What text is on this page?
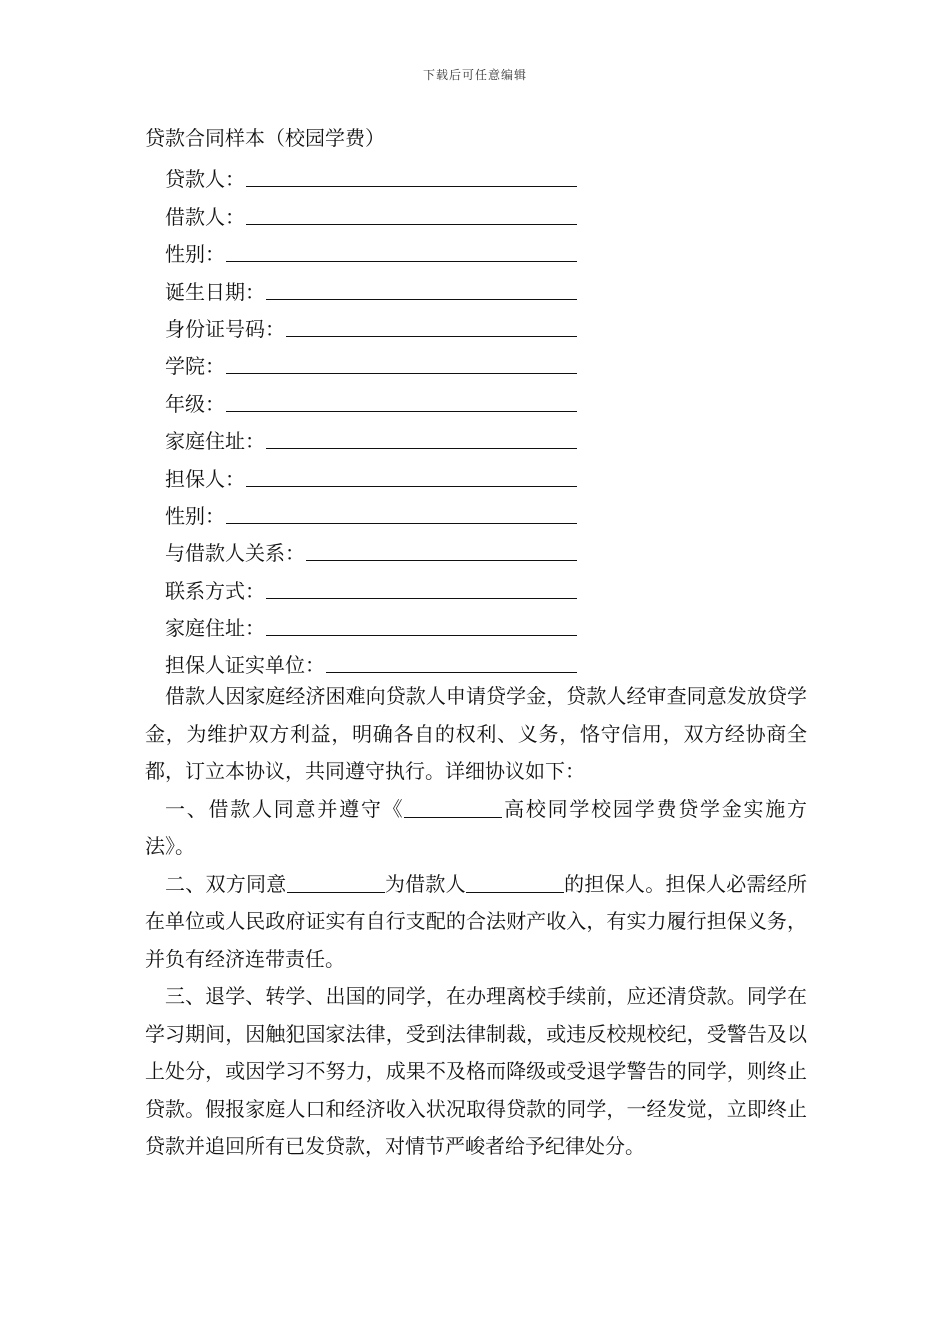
下载后可任意编辑
贷款合同样本（校园学费）
贷款人：
借款人：
性别：
诞生日期：
身份证号码：
学院：
年级：
家庭住址：
担保人：
性别：
与借款人关系：
联系方式：
家庭住址：
担保人证实单位：

借款人因家庭经济困难向贷款人申请贷学金，贷款人经审查同意发放贷学金，为维护双方利益，明确各自的权利、义务，恪守信用，双方经协商全都，订立本协议，共同遵守执行。详细协议如下：

一、借款人同意并遵守《	高校同学校园学费贷学金实施方法》。

二、双方同意	为借款人	的担保人。担保人必需经所在单位或人民政府证实有自行支配的合法财产收入，有实力履行担保义务，并负有经济连带责任。

三、退学、转学、出国的同学，在办理离校手续前，应还清贷款。同学在学习期间，因触犯国家法律，受到法律制裁，或违反校规校纪，受警告及以上处分，或因学习不努力，成果不及格而降级或受退学警告的同学，则终止贷款。假报家庭人口和经济收入状况取得贷款的同学，一经发觉，立即终止贷款并追回所有已发贷款，对情节严峻者给予纪律处分。
